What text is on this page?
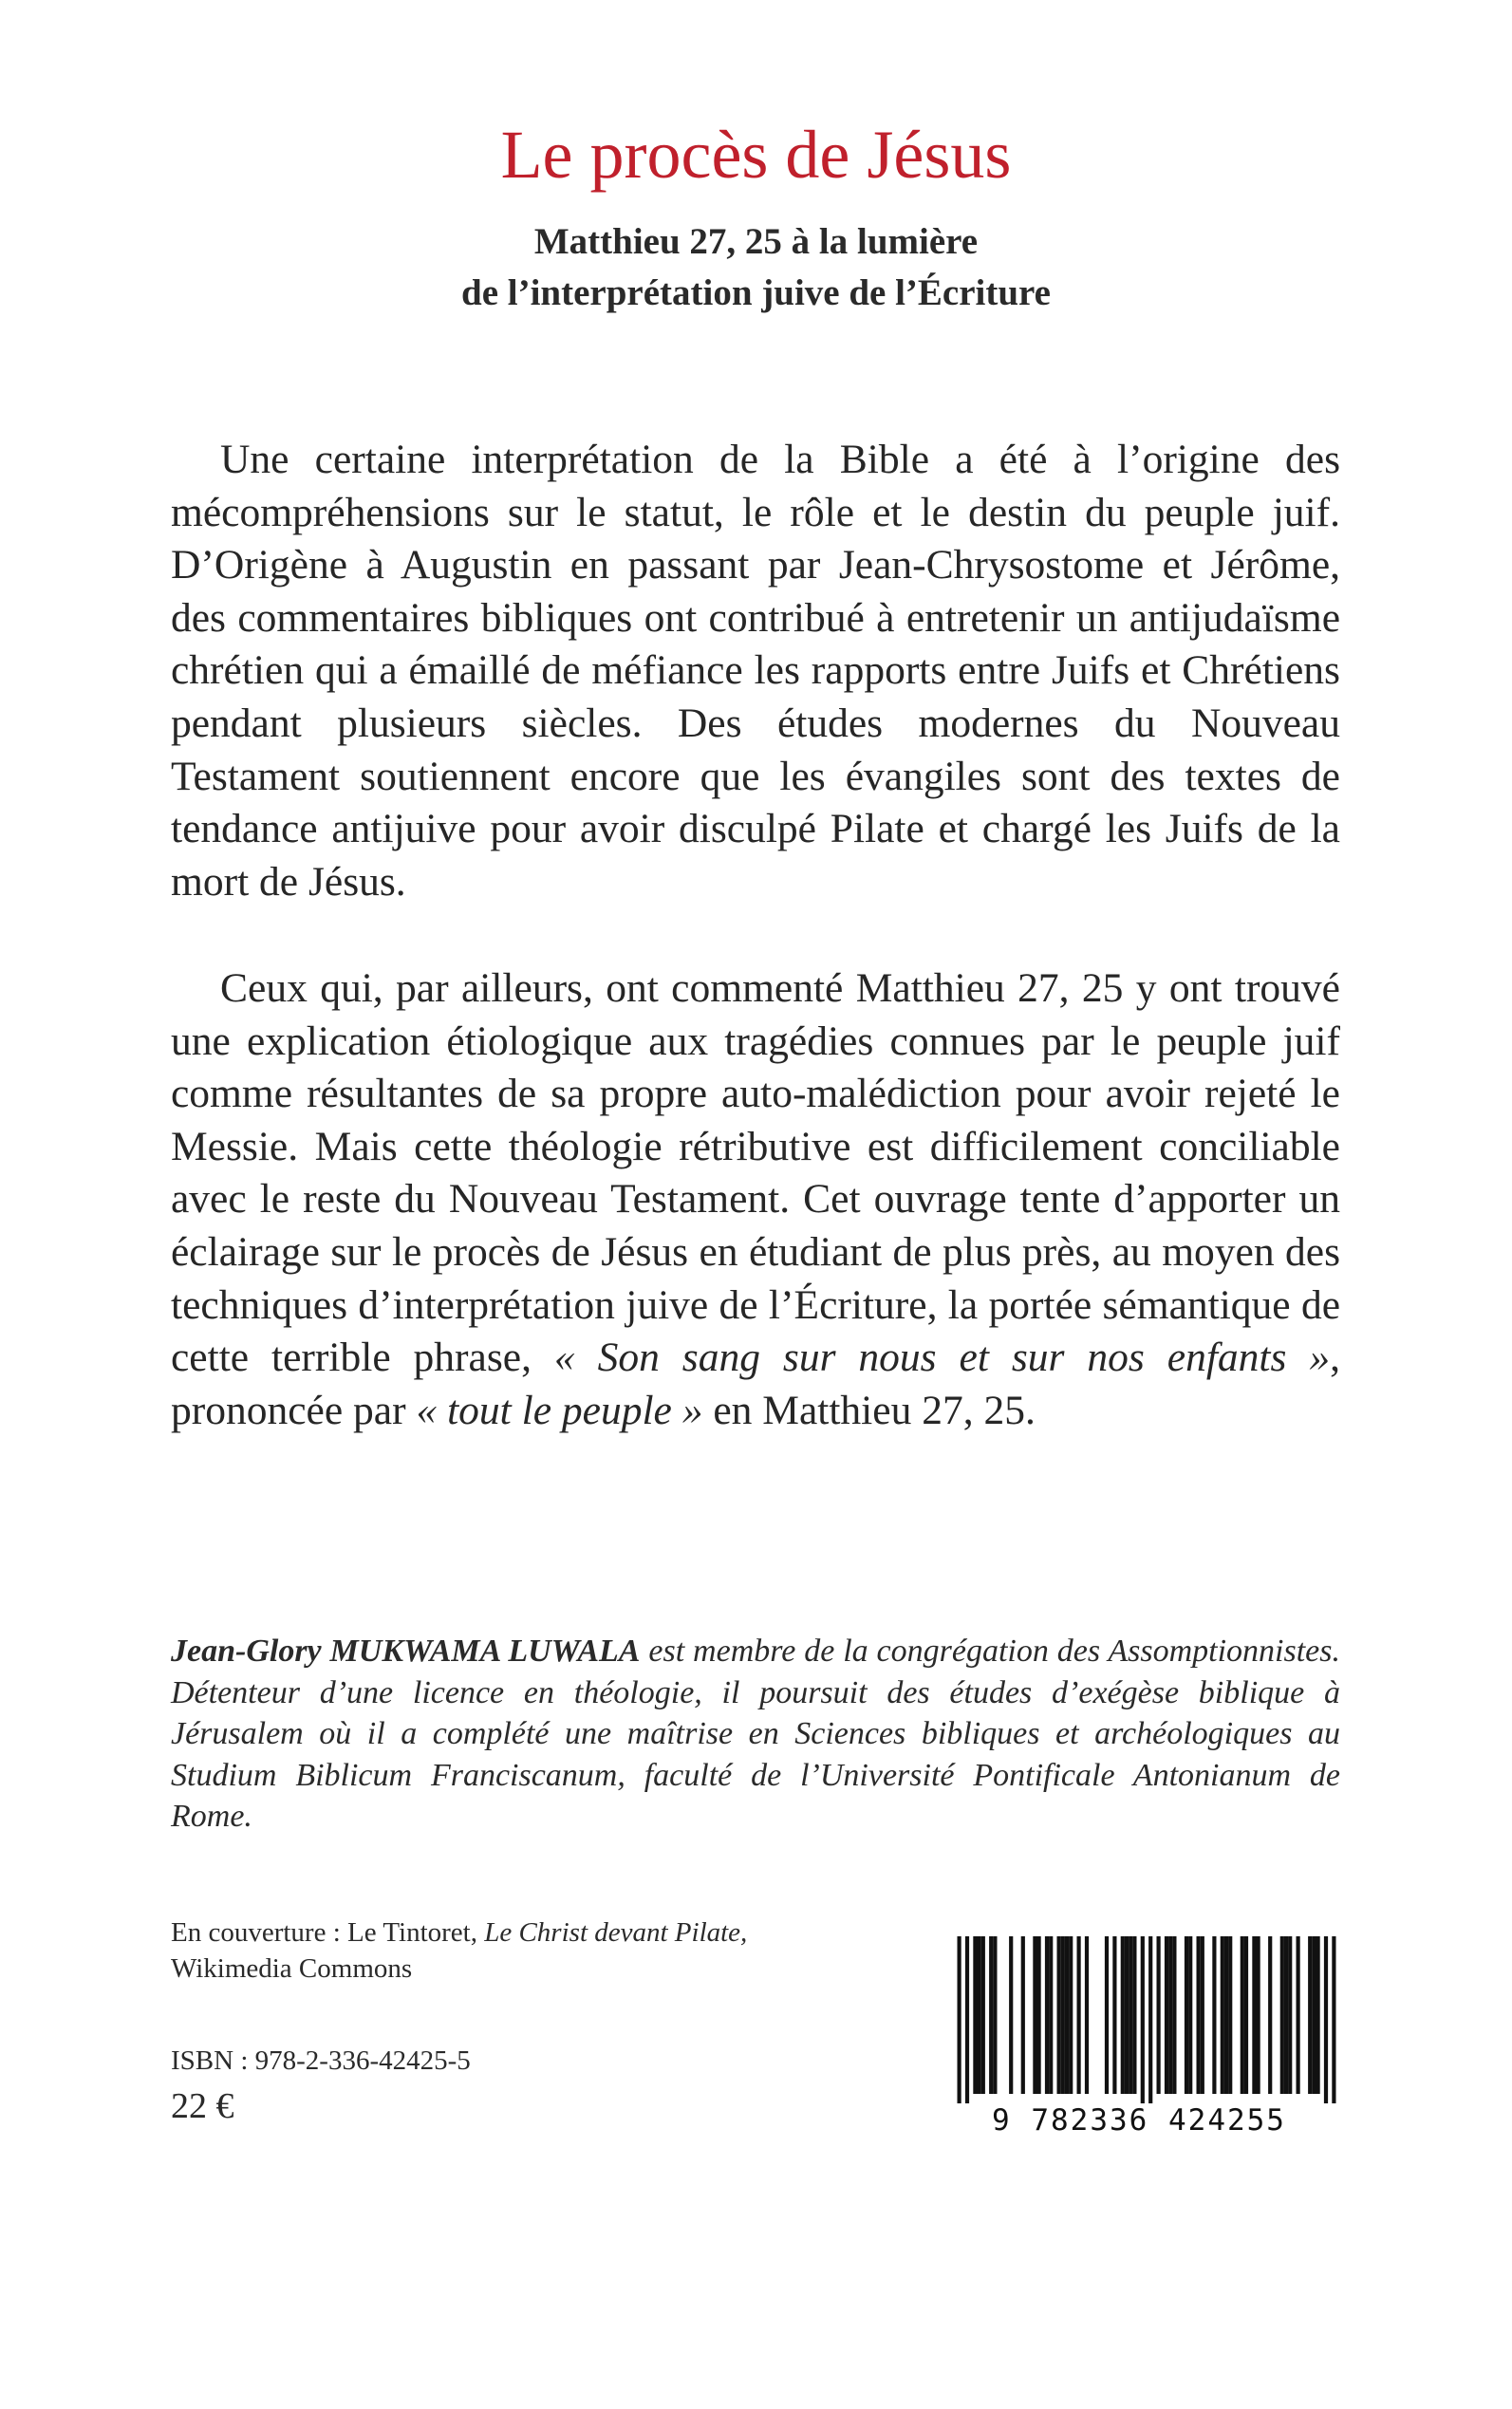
Le procès de Jésus
Matthieu 27, 25 à la lumière
de l’interprétation juive de l’Écriture

Une certaine interprétation de la Bible a été à l’origine des mécompréhensions sur le statut, le rôle et le destin du peuple juif. D’Origène à Augustin en passant par Jean-Chrysostome et Jérôme, des commentaires bibliques ont contribué à entretenir un antijudaïsme chrétien qui a émaillé de méfiance les rapports entre Juifs et Chrétiens pendant plusieurs siècles. Des études modernes du Nouveau Testament soutiennent encore que les évangiles sont des textes de tendance antijuive pour avoir disculpé Pilate et chargé les Juifs de la mort de Jésus.

Ceux qui, par ailleurs, ont commenté Matthieu 27, 25 y ont trouvé une explication étiologique aux tragédies connues par le peuple juif comme résultantes de sa propre auto-malédiction pour avoir rejeté le Messie. Mais cette théologie rétributive est difficilement conciliable avec le reste du Nouveau Testament. Cet ouvrage tente d’apporter un éclairage sur le procès de Jésus en étudiant de plus près, au moyen des techniques d’interprétation juive de l’Écriture, la portée sémantique de cette terrible phrase, « Son sang sur nous et sur nos enfants », prononcée par « tout le peuple » en Matthieu 27, 25.

Jean-Glory MUKWAMA LUWALA est membre de la congrégation des Assomptionnistes. Détenteur d’une licence en théologie, il poursuit des études d’exégèse biblique à Jérusalem où il a complété une maîtrise en Sciences bibliques et archéologiques au Studium Biblicum Franciscanum, faculté de l’Université Pontificale Antonianum de Rome.

En couverture : Le Tintoret, Le Christ devant Pilate,
Wikimedia Commons
ISBN : 978-2-336-42425-5
22 €	9 782336 424255
